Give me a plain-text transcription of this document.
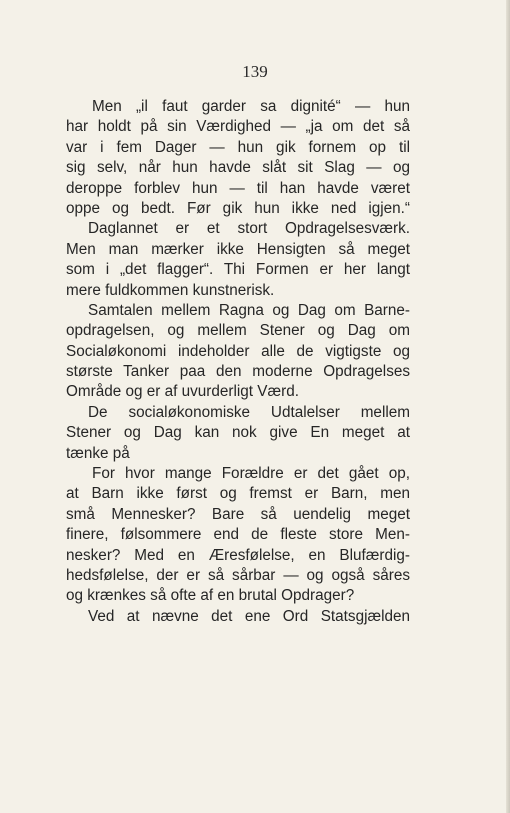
139
Men „il faut garder sa dignité“ — hun
har holdt på sin Værdighed — „ja om det så
var i fem Dager — hun gik fornem op til
sig selv, når hun havde slåt sit Slag — og
deroppe forblev hun — til han havde været
oppe og bedt. Før gik hun ikke ned igjen.“
Daglannet er et stort Opdragelsesværk.
Men man mærker ikke Hensigten så meget
som i „det flagger“. Thi Formen er her langt
mere fuldkommen kunstnerisk.
Samtalen mellem Ragna og Dag om Barne-
opdragelsen, og mellem Stener og Dag om
Socialøkonomi indeholder alle de vigtigste og
største Tanker paa den moderne Opdragelses
Område og er af uvurderligt Værd.
De socialøkonomiske Udtalelser mellem
Stener og Dag kan nok give En meget at
tænke på
For hvor mange Forældre er det gået op,
at Barn ikke først og fremst er Barn, men
små Mennesker? Bare så uendelig meget
finere, følsommere end de fleste store Men-
nesker? Med en Æresfølelse, en Blufærdig-
hedsfølelse, der er så sårbar — og også såres
og krænkes så ofte af en brutal Opdrager?
Ved at nævne det ene Ord Statsgjælden
